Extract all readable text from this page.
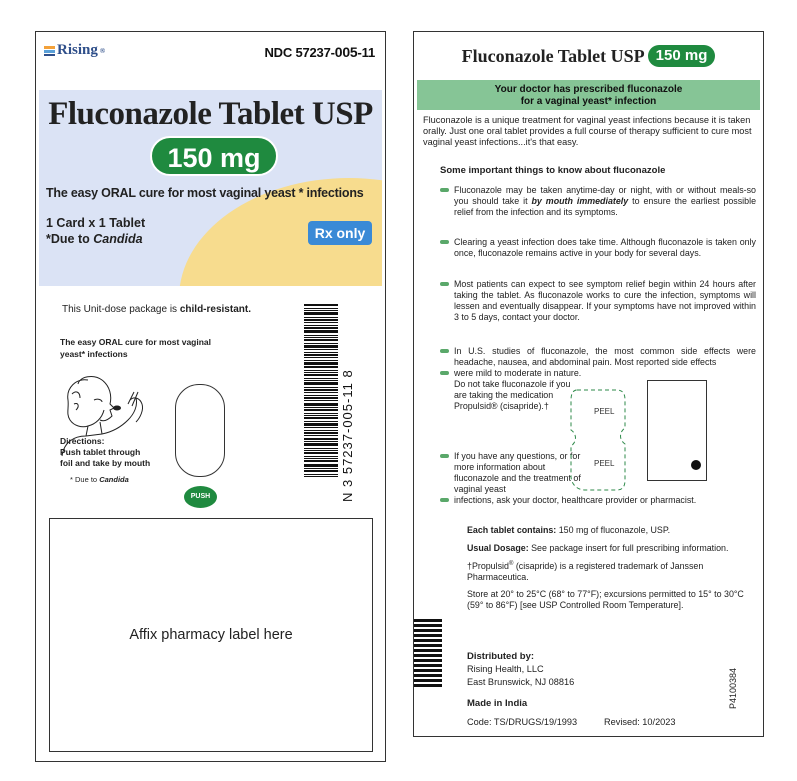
Rising ®	NDC 57237-005-11
Fluconazole Tablet USP
150 mg
The easy ORAL cure for most vaginal yeast * infections
1 Card x 1 Tablet
*Due to Candida	Rx only
This Unit-dose package is child-resistant.
The easy ORAL cure for most vaginal yeast* infections
Directions:
Push tablet through
foil and take by mouth
* Due to Candida
PUSH	N 3 57237-005-11 8
Affix pharmacy label here
Fluconazole Tablet USP 150 mg
Your doctor has prescribed fluconazole
for a vaginal yeast* infection
Fluconazole is a unique treatment for vaginal yeast infections because it is taken orally. Just one oral tablet provides a full course of therapy sufficient to cure most vaginal yeast infections...it's that easy.
Some important things to know about fluconazole
Fluconazole may be taken anytime-day or night, with or without meals-so you should take it by mouth immediately to ensure the earliest possible relief from the infection and its symptoms.
Clearing a yeast infection does take time. Although fluconazole is taken only once, fluconazole remains active in your body for several days.
Most patients can expect to see symptom relief begin within 24 hours after taking the tablet. As fluconazole works to cure the infection, symptoms will lessen and eventually disappear. If your symptoms have not improved within 3 to 5 days, contact your doctor.
In U.S. studies of fluconazole, the most common side effects were headache, nausea, and abdominal pain. Most reported side effects
were mild to moderate in nature. Do not take fluconazole if you are taking the medication Propulsid® (cisapride).†
If you have any questions, or for more information about fluconazole and the treatment of vaginal yeast
infections, ask your doctor, healthcare provider or pharmacist.
PEEL
PEEL
Each tablet contains: 150 mg of fluconazole, USP.
Usual Dosage: See package insert for full prescribing information.
†Propulsid® (cisapride) is a registered trademark of Janssen Pharmaceutica.
Store at 20° to 25°C (68° to 77°F); excursions permitted to 15° to 30°C (59° to 86°F) [see USP Controlled Room Temperature].
Distributed by:
Rising Health, LLC
East Brunswick, NJ 08816
Made in India
Code: TS/DRUGS/19/1993	Revised: 10/2023
P4100384
